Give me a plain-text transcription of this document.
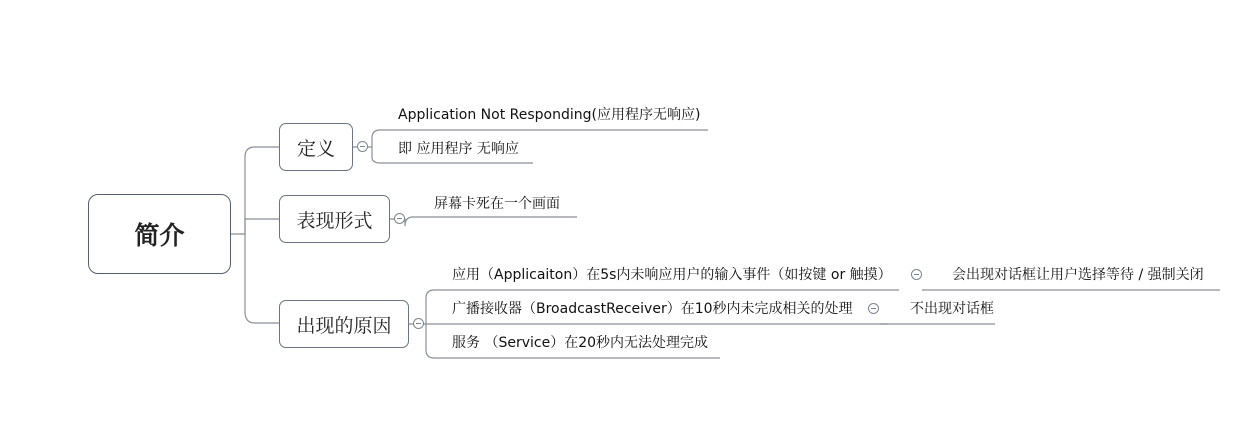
简介
定义
Application Not Responding(应用程序无响应)
即 应用程序 无响应
表现形式
屏幕卡死在一个画面
出现的原因
应用（Applicaiton）在5s内未响应用户的输入事件（如按键 or 触摸）	会出现对话框让用户选择等待 / 强制关闭
广播接收器（BroadcastReceiver）在10秒内未完成相关的处理	不出现对话框
服务 （Service）在20秒内无法处理完成
